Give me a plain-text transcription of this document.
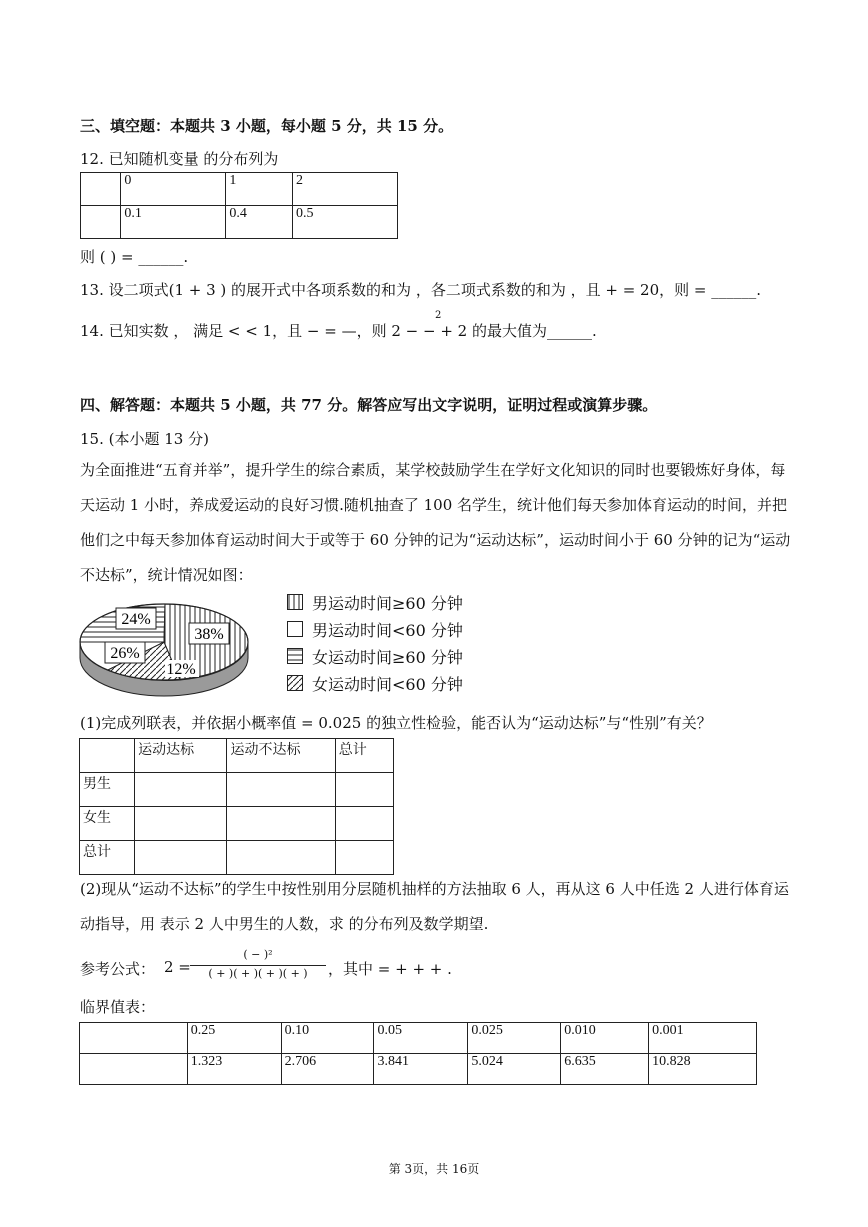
三、填空题：本题共 3 小题，每小题 5 分，共 15 分。
12. 已知随机变量 的分布列为
	0	1	2
	0.1	0.4	0.5
则 ( ) = ______.
13. 设二项式(1 + 3 ) 的展开式中各项系数的和为 ，各二项式系数的和为 ，且 + = 20，则 = ______.
2
14. 已知实数 ， 满足 < < 1，且 − = —，则 2 − − + 2 的最大值为______.
四、解答题：本题共 5 小题，共 77 分。解答应写出文字说明，证明过程或演算步骤。
15. (本小题 13 分)
为全面推进“五育并举”，提升学生的综合素质，某学校鼓励学生在学好文化知识的同时也要锻炼好身体，每天运动 1 小时，养成爱运动的良好习惯.随机抽查了 100 名学生，统计他们每天参加体育运动的时间，并把他们之中每天参加体育运动时间大于或等于 60 分钟的记为“运动达标”，运动时间小于 60 分钟的记为“运动不达标”，统计情况如图：
24%
38%
26%
12%
男运动时间≥60 分钟
男运动时间<60 分钟
女运动时间≥60 分钟
女运动时间<60 分钟
(1)完成列联表，并依据小概率值 = 0.025 的独立性检验，能否认为“运动达标”与“性别”有关？
	运动达标	运动不达标	总计
男生			
女生			
总计			
(2)现从“运动不达标”的学生中按性别用分层随机抽样的方法抽取 6 人，再从这 6 人中任选 2 人进行体育运动指导，用 表示 2 人中男生的人数，求 的分布列及数学期望.
参考公式： 2 =
( − )²
( + )( + )( + )( + )	，其中 = + + + .
临界值表：
	0.25	0.10	0.05	0.025	0.010	0.001
	1.323	2.706	3.841	5.024	6.635	10.828
第 3页，共 16页
